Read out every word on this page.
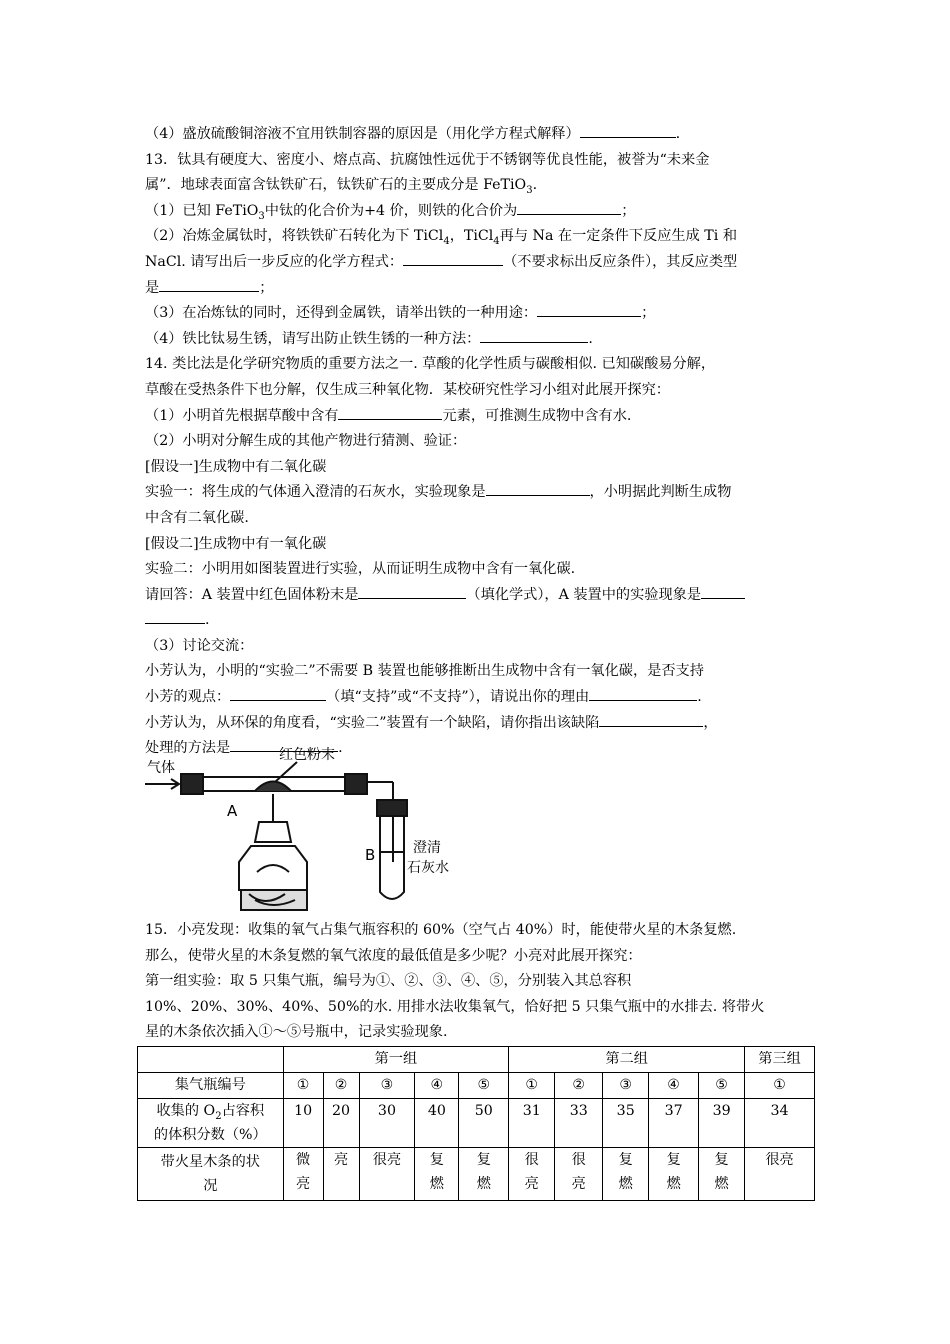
（4）盛放硫酸铜溶液不宜用铁制容器的原因是（用化学方程式解释）	.
13．钛具有硬度大、密度小、熔点高、抗腐蚀性远优于不锈钢等优良性能，被誉为“未来金
属”．地球表面富含钛铁矿石，钛铁矿石的主要成分是 FeTiO$_3$.
（1）已知 FeTiO$_3$中钛的化合价为+4 价，则铁的化合价为	；
（2）冶炼金属钛时，将铁铁矿石转化为下 TiCl$_4$，TiCl$_4$再与 Na 在一定条件下反应生成 Ti 和
NaCl. 请写出后一步反应的化学方程式：	（不要求标出反应条件），其反应类型
是	；
（3）在冶炼钛的同时，还得到金属铁，请举出铁的一种用途：	；
（4）铁比钛易生锈，请写出防止铁生锈的一种方法：	.
14. 类比法是化学研究物质的重要方法之一. 草酸的化学性质与碳酸相似. 已知碳酸易分解，
草酸在受热条件下也分解，仅生成三种氧化物．某校研究性学习小组对此展开探究：
（1）小明首先根据草酸中含有	元素，可推测生成物中含有水.
（2）小明对分解生成的其他产物进行猜测、验证：
[假设一]生成物中有二氧化碳
实验一：将生成的气体通入澄清的石灰水，实验现象是	，小明据此判断生成物
中含有二氧化碳.
[假设二]生成物中有一氧化碳
实验二：小明用如图装置进行实验，从而证明生成物中含有一氧化碳.
请回答：A 装置中红色固体粉末是	（填化学式），A 装置中的实验现象是
.
（3）讨论交流：
小芳认为，小明的“实验二”不需要 B 装置也能够推断出生成物中含有一氧化碳，是否支持
小芳的观点：	（填“支持”或“不支持”），请说出你的理由	.
小芳认为，从环保的角度看，“实验二”装置有一个缺陷，请你指出该缺陷	，
处理的方法是	.
气体
红色粉末
A
B	澄清
石灰水
15．小亮发现：收集的氧气占集气瓶容积的 60%（空气占 40%）时，能使带火星的木条复燃.
那么，使带火星的木条复燃的氧气浓度的最低值是多少呢？小亮对此展开探究：
第一组实验：取 5 只集气瓶，编号为①、②、③、④、⑤，分别装入其总容积
10%、20%、30%、40%、50%的水. 用排水法收集氧气，恰好把 5 只集气瓶中的水排去. 将带火
星的木条依次插入①～⑤号瓶中，记录实验现象.
	第一组					第二组					第三组
集气瓶编号	①	②	③	④	⑤	①	②	③	④	⑤	①
收集的 $O_2$占容积
的体积分数（%）	10	20	30	40	50	31	33	35	37	39	34
带火星木条的状况	微亮	亮	很亮	复燃	复燃	很亮	很亮	复燃	复燃	复燃	很亮
